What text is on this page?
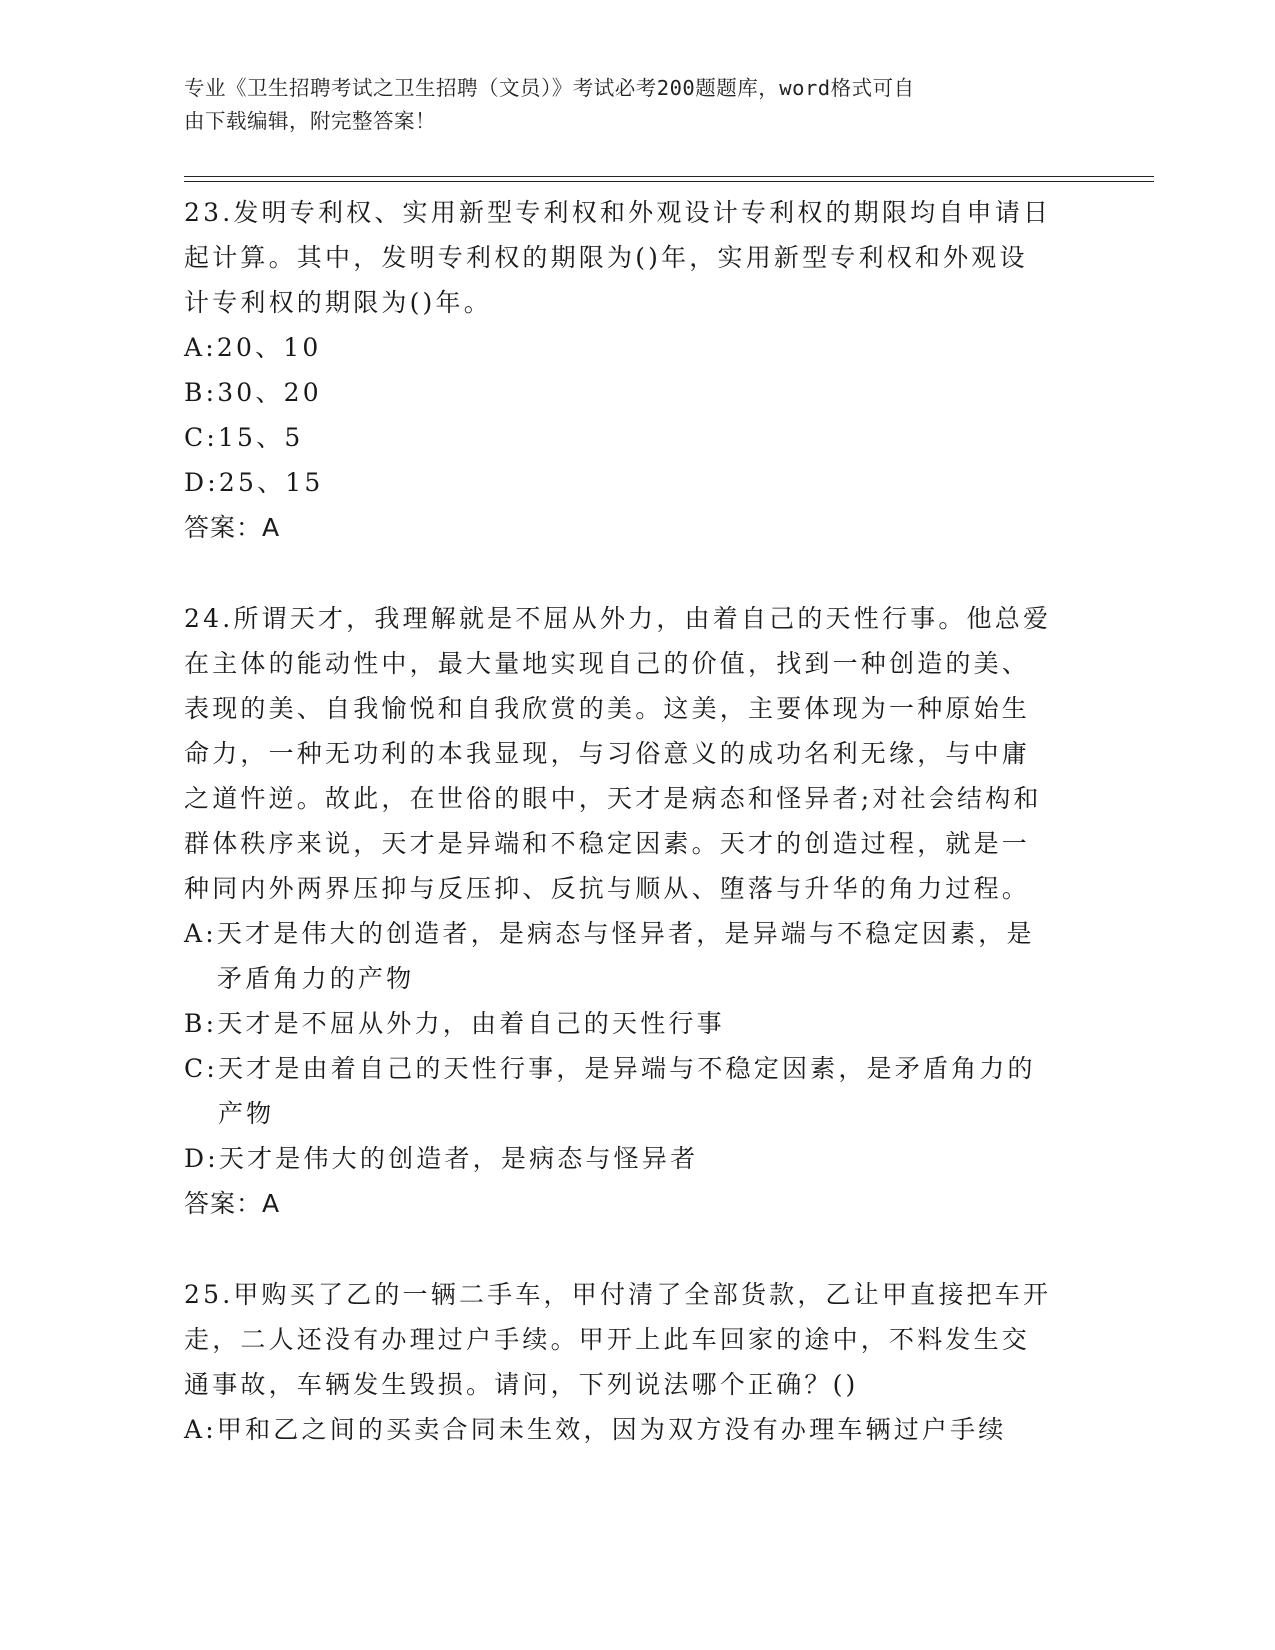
专业《卫生招聘考试之卫生招聘（文员）》考试必考200题题库，word格式可自
由下载编辑，附完整答案！

23.发明专利权、实用新型专利权和外观设计专利权的期限均自申请日起计算。其中，发明专利权的期限为()年，实用新型专利权和外观设计专利权的期限为()年。

A: 20、10
B: 30、20
C: 15、5
D: 25、15

答案：A

24.所谓天才，我理解就是不屈从外力，由着自己的天性行事。他总爱在主体的能动性中，最大量地实现自己的价值，找到一种创造的美、表现的美、自我愉悦和自我欣赏的美。这美，主要体现为一种原始生命力，一种无功利的本我显现，与习俗意义的成功名利无缘，与中庸之道忤逆。故此，在世俗的眼中，天才是病态和怪异者;对社会结构和群体秩序来说，天才是异端和不稳定因素。天才的创造过程，就是一种同内外两界压抑与反压抑、反抗与顺从、堕落与升华的角力过程。

A: 天才是伟大的创造者，是病态与怪异者，是异端与不稳定因素，是矛盾角力的产物
B: 天才是不屈从外力，由着自己的天性行事
C: 天才是由着自己的天性行事，是异端与不稳定因素，是矛盾角力的产物
D: 天才是伟大的创造者，是病态与怪异者

答案：A

25.甲购买了乙的一辆二手车，甲付清了全部货款，乙让甲直接把车开走，二人还没有办理过户手续。甲开上此车回家的途中，不料发生交通事故，车辆发生毁损。请问，下列说法哪个正确？()

A: 甲和乙之间的买卖合同未生效，因为双方没有办理车辆过户手续
